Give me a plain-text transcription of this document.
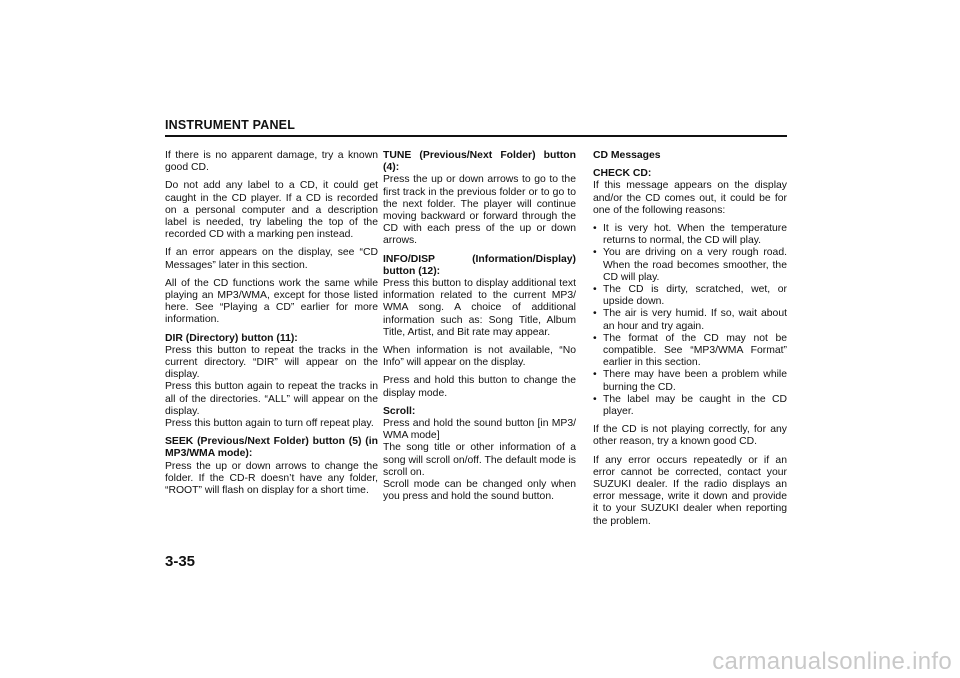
INSTRUMENT PANEL

If there is no apparent damage, try a known good CD.

Do not add any label to a CD, it could get caught in the CD player. If a CD is recorded on a personal computer and a description label is needed, try labeling the top of the recorded CD with a marking pen instead.

If an error appears on the display, see “CD Messages” later in this section.

All of the CD functions work the same while playing an MP3/WMA, except for those listed here. See “Playing a CD” earlier for more information.

DIR (Directory) button (11):
Press this button to repeat the tracks in the current directory. “DIR” will appear on the display.
Press this button again to repeat the tracks in all of the directories. “ALL” will appear on the display.

Press this button again to turn off repeat play.

SEEK (Previous/Next Folder) button (5) (in MP3/WMA mode):

Press the up or down arrows to change the folder. If the CD-R doesn’t have any folder, “ROOT” will flash on display for a short time.

TUNE (Previous/Next Folder) button (4):

Press the up or down arrows to go to the first track in the previous folder or to go to the next folder. The player will continue moving backward or forward through the CD with each press of the up or down arrows.

INFO/DISP (Information/Display) button (12):

Press this button to display additional text information related to the current MP3/ WMA song. A choice of additional information such as: Song Title, Album Title, Artist, and Bit rate may appear.

When information is not available, “No Info” will appear on the display.

Press and hold this button to change the display mode.

Scroll:
Press and hold the sound button [in MP3/ WMA mode]
The song title or other information of a song will scroll on/off. The default mode is scroll on.

Scroll mode can be changed only when you press and hold the sound button.

CD Messages
CHECK CD:

If this message appears on the display and/or the CD comes out, it could be for one of the following reasons:

• It is very hot. When the temperature returns to normal, the CD will play.
• You are driving on a very rough road. When the road becomes smoother, the CD will play.
• The CD is dirty, scratched, wet, or upside down.
• The air is very humid. If so, wait about an hour and try again.
• The format of the CD may not be compatible. See “MP3/WMA Format” earlier in this section.
• There may have been a problem while burning the CD.
• The label may be caught in the CD player.

If the CD is not playing correctly, for any other reason, try a known good CD.

If any error occurs repeatedly or if an error cannot be corrected, contact your SUZUKI dealer. If the radio displays an error message, write it down and provide it to your SUZUKI dealer when reporting the problem.

3-35
carmanualsonline.info
